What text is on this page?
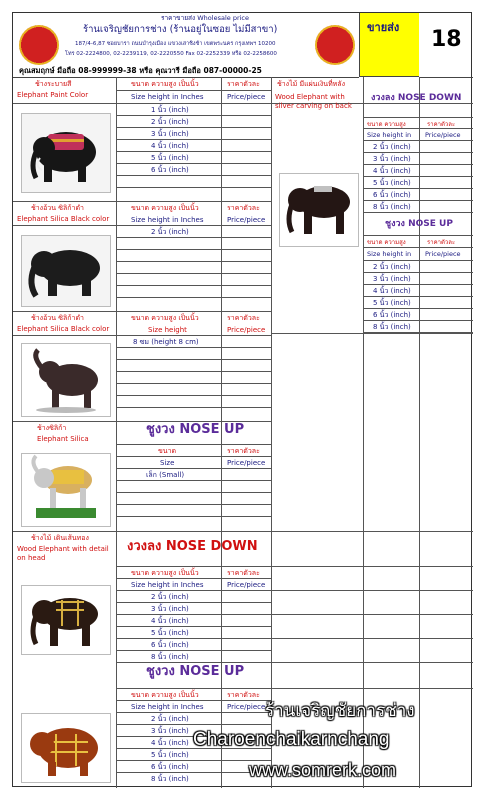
ราคาขายส่ง Wholesale price
ร้านเจริญชัยการช่าง (ร้านอยู่ในซอย ไม่มีสาขา)
187/4-6,87 ซอยบารา ถนนบำรุงเมือง แขวงเสาชิงช้า เขตพระนคร กรุงเทพฯ 10200
โทร 02-2224800, 02-2239119, 02-2220550 Fax 02-2252339 หรือ 02-2258600
คุณสมฤกษ์ มือถือ 08-999999-38 หรือ คุณวารี มือถือ 087-00000-25
ขายส่ง 18
ช้างระบายสี
Elephant Paint Color
ขนาด ความสูง เป็นนิ้ว	ราคาตัวละ
Size height in Inches	Price/piece
1 นิ้ว (inch)
2 นิ้ว (inch)
3 นิ้ว (inch)
4 นิ้ว (inch)
5 นิ้ว (inch)
6 นิ้ว (inch)
ช้างอ้วน ซิลิก้าดำ
Elephant Silica Black color
ขนาด ความสูง เป็นนิ้ว	ราคาตัวละ
Size height in Inches	Price/piece
2 นิ้ว (inch)
ช้างอ้วน ซิลิก้าดำ
Elephant Silica Black color
ขนาด ความสูง เป็นนิ้ว	ราคาตัวละ
Size height	Price/piece
8 ซม (height 8 cm)
ช้างซิลิก้า
Elephant Silica
ชูงวง NOSE UP
ขนาด	ราคาตัวละ
Size	Price/piece
เล็ก (Small)
ช้างไม้ เดินเส้นทอง
Wood Elephant with detail on head
งวงลง NOSE DOWN
ขนาด ความสูง เป็นนิ้ว	ราคาตัวละ
Size height in Inches	Price/piece
2 นิ้ว (inch)
3 นิ้ว (inch)
4 นิ้ว (inch)
5 นิ้ว (inch)
6 นิ้ว (inch)
8 นิ้ว (inch)
ชูงวง NOSE UP
ขนาด ความสูง เป็นนิ้ว	ราคาตัวละ
Size height in Inches	Price/piece
2 นิ้ว (inch)
3 นิ้ว (inch)
4 นิ้ว (inch)
5 นิ้ว (inch)
6 นิ้ว (inch)
8 นิ้ว (inch)
ช้างไม้ มีแผ่นเงินที่หลัง
Wood Elephant with silver carving on back
งวงลง NOSE DOWN
ขนาด ความสูง	ราคาตัวละ
Size height in Price/piece
2 นิ้ว (inch)
3 นิ้ว (inch)
4 นิ้ว (inch)
5 นิ้ว (inch)
6 นิ้ว (inch)
8 นิ้ว (inch)
ชูงวง NOSE UP
ขนาด ความสูง	ราคาตัวละ
Size height in Price/piece
2 นิ้ว (inch)
3 นิ้ว (inch)
4 นิ้ว (inch)
5 นิ้ว (inch)
6 นิ้ว (inch)
8 นิ้ว (inch)
ร้านเจริญชัยการช่าง
Charoenchaikarnchang
www.somrerk.com
